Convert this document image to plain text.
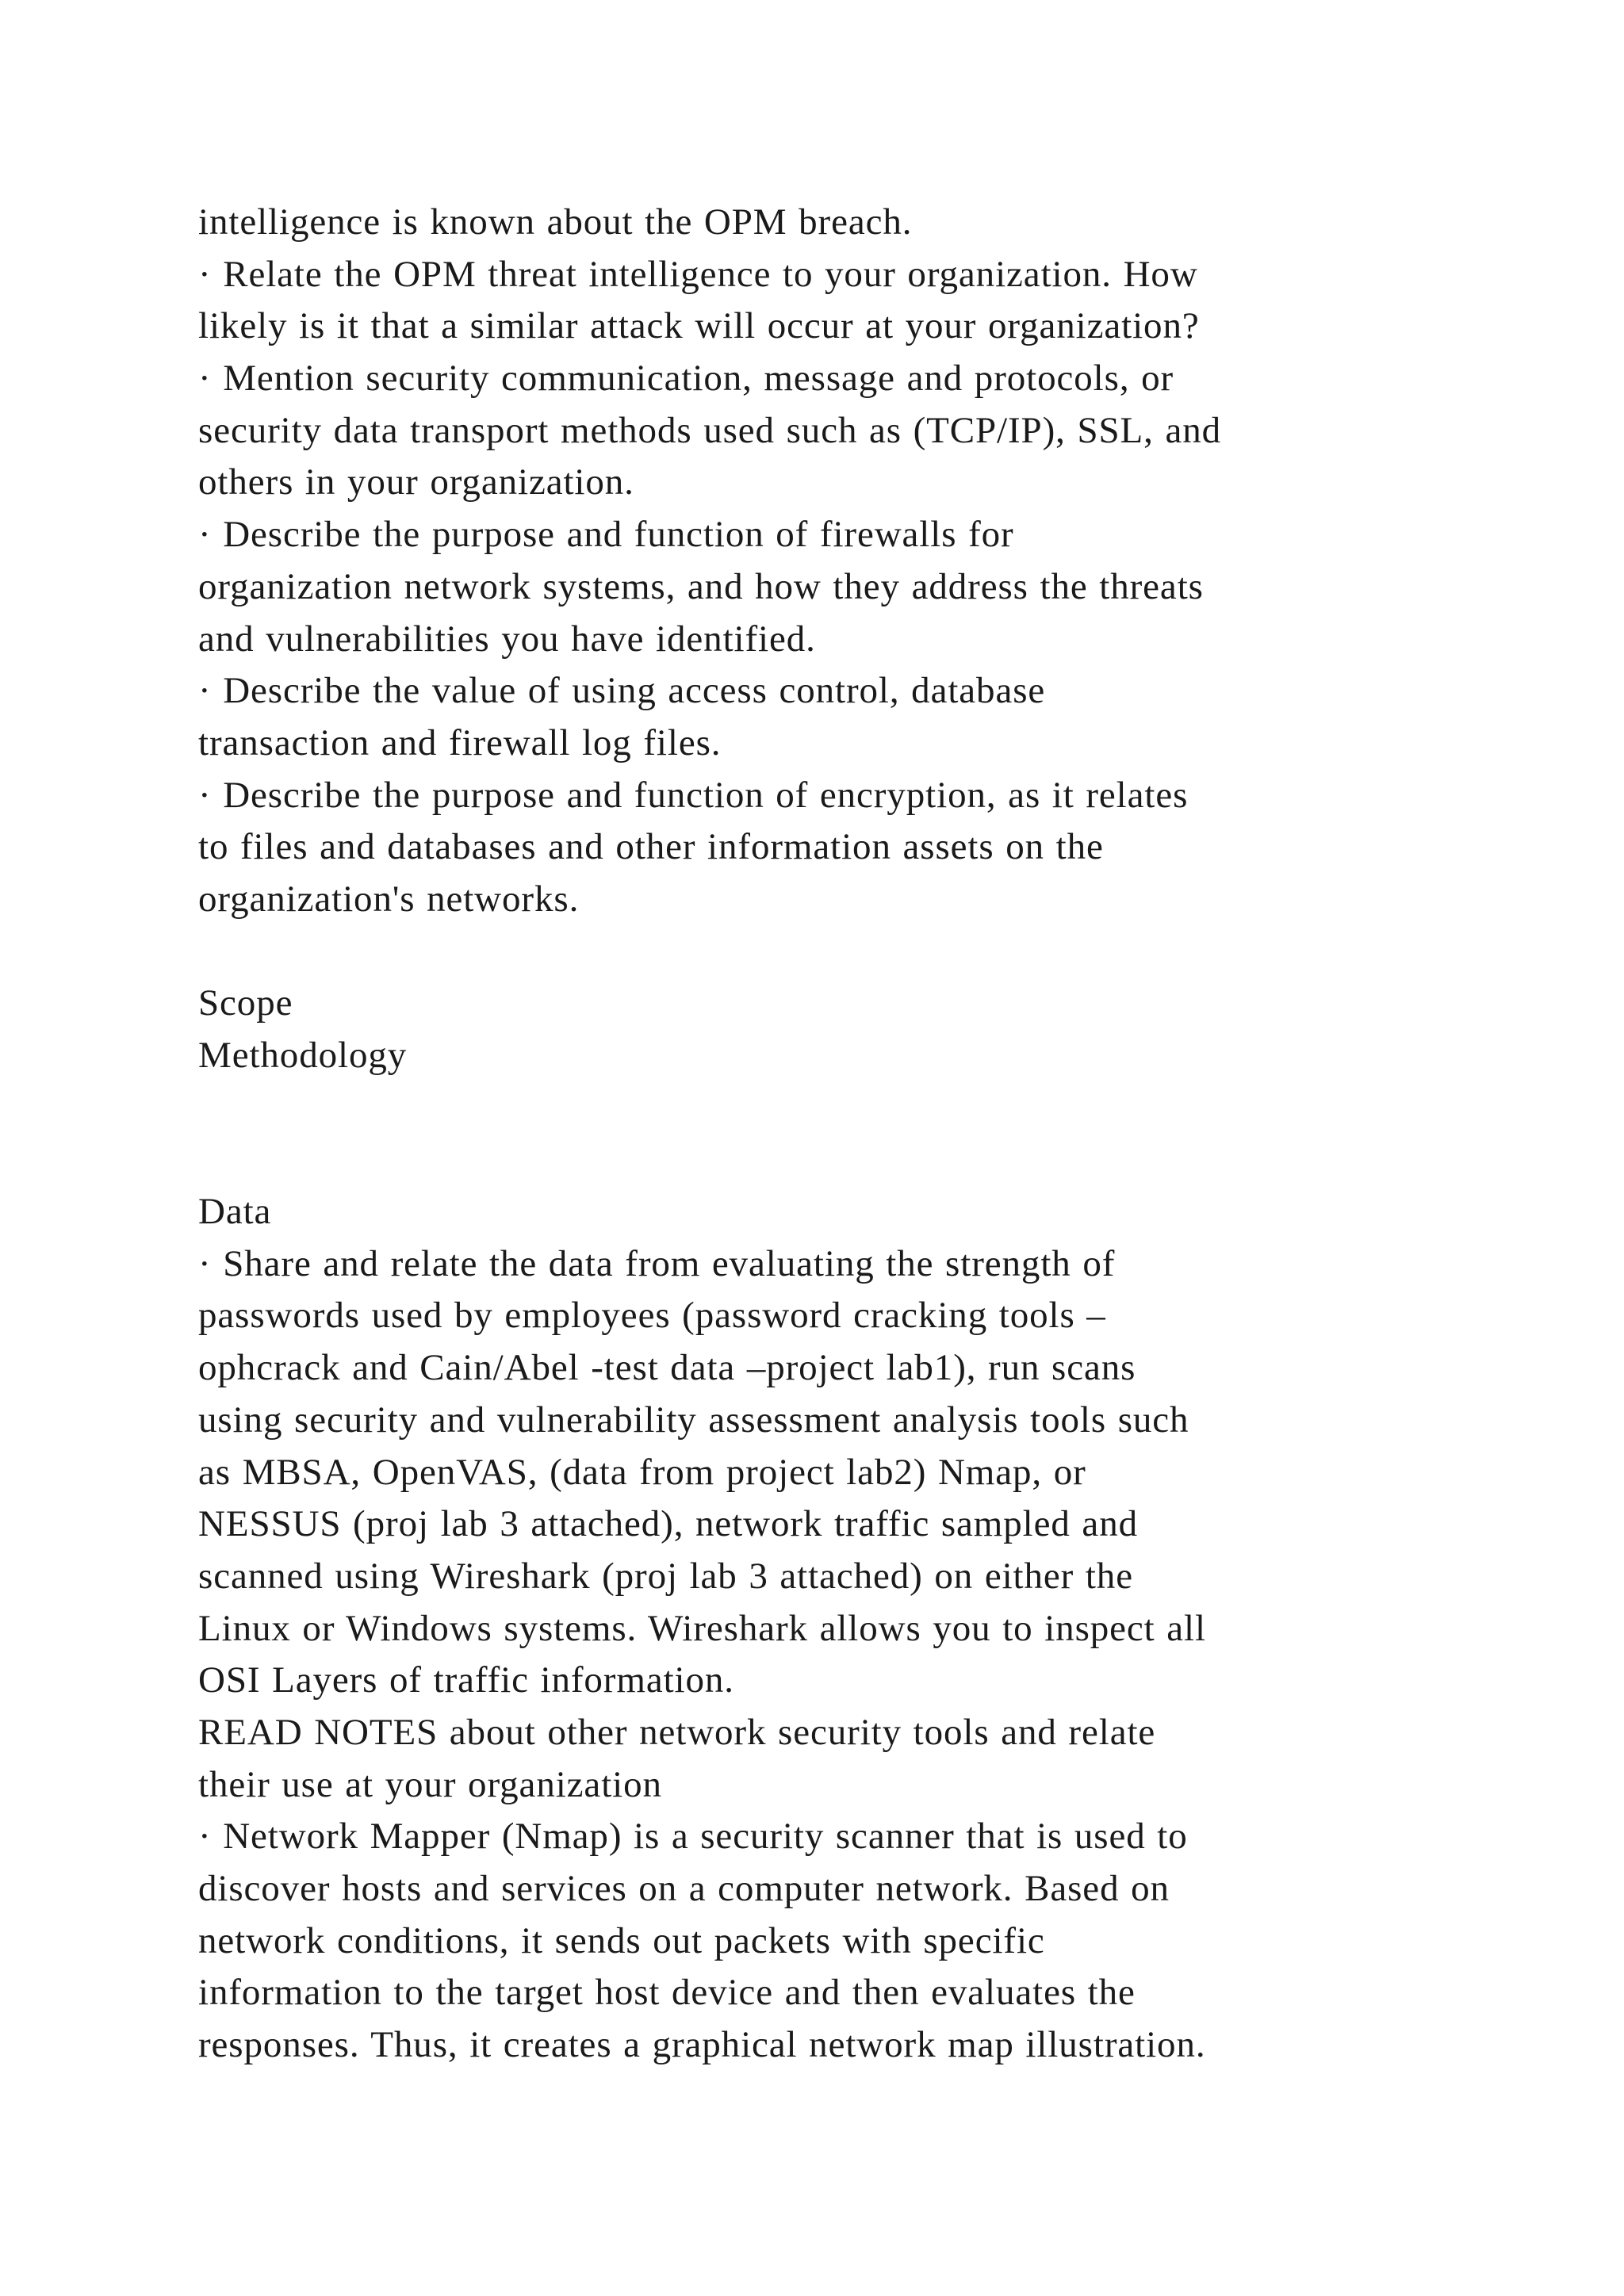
intelligence is known about the OPM breach.
· Relate the OPM threat intelligence to your organization. How
likely is it that a similar attack will occur at your organization?
· Mention security communication, message and protocols, or
security data transport methods used such as (TCP/IP), SSL, and
others in your organization.
· Describe the purpose and function of firewalls for
organization network systems, and how they address the threats
and vulnerabilities you have identified.
· Describe the value of using access control, database
transaction and firewall log files.
· Describe the purpose and function of encryption, as it relates
to files and databases and other information assets on the
organization's networks.
Scope
Methodology
Data
· Share and relate the data from evaluating the strength of
passwords used by employees (password cracking tools –
ophcrack and Cain/Abel -test data –project lab1), run scans
using security and vulnerability assessment analysis tools such
as MBSA, OpenVAS, (data from project lab2) Nmap, or
NESSUS (proj lab 3 attached), network traffic sampled and
scanned using Wireshark (proj lab 3 attached) on either the
Linux or Windows systems. Wireshark allows you to inspect all
OSI Layers of traffic information.
READ NOTES about other network security tools and relate
their use at your organization
· Network Mapper (Nmap) is a security scanner that is used to
discover hosts and services on a computer network. Based on
network conditions, it sends out packets with specific
information to the target host device and then evaluates the
responses. Thus, it creates a graphical network map illustration.
